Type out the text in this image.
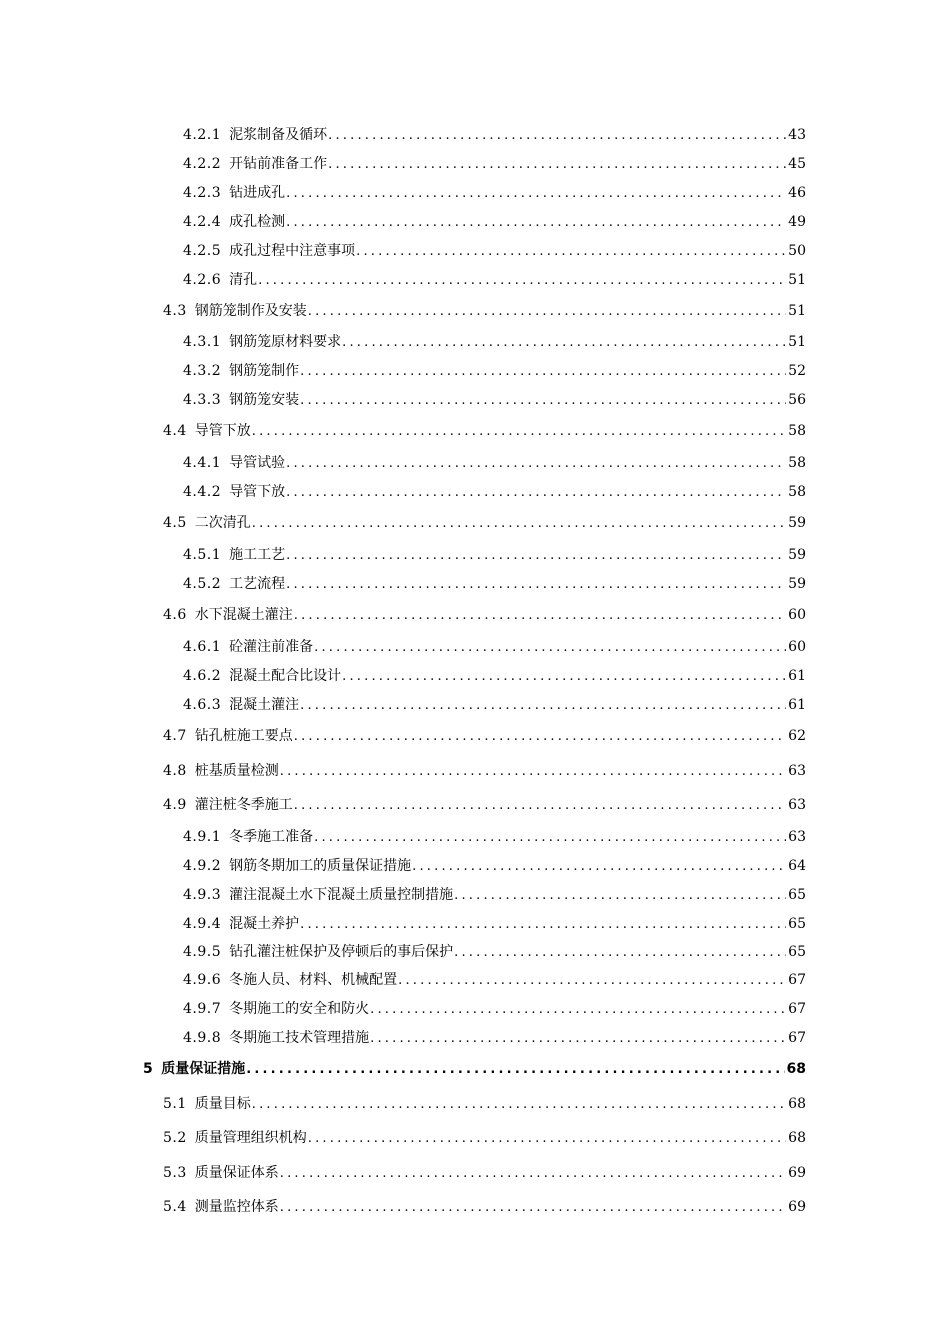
4.2.1 泥浆制备及循环 .....	43
4.2.2 开钻前准备工作 .....	45
4.2.3 钻进成孔 .....	46
4.2.4 成孔检测 .....	49
4.2.5 成孔过程中注意事项 .....	50
4.2.6 清孔 .....	51
4.3 钢筋笼制作及安装 .....	51
4.3.1 钢筋笼原材料要求 .....	51
4.3.2 钢筋笼制作 .....	52
4.3.3 钢筋笼安装 .....	56
4.4 导管下放 .....	58
4.4.1 导管试验 .....	58
4.4.2 导管下放 .....	58
4.5 二次清孔 .....	59
4.5.1 施工工艺 .....	59
4.5.2 工艺流程 .....	59
4.6 水下混凝土灌注 .....	60
4.6.1 砼灌注前准备 .....	60
4.6.2 混凝土配合比设计 .....	61
4.6.3 混凝土灌注 .....	61
4.7 钻孔桩施工要点 .....	62
4.8 桩基质量检测 .....	63
4.9 灌注桩冬季施工 .....	63
4.9.1 冬季施工准备 .....	63
4.9.2 钢筋冬期加工的质量保证措施 .....	64
4.9.3 灌注混凝土水下混凝土质量控制措施 .....	65
4.9.4 混凝土养护 .....	65
4.9.5 钻孔灌注桩保护及停顿后的事后保护 .....	65
4.9.6 冬施人员、材料、机械配置 .....	67
4.9.7 冬期施工的安全和防火 .....	67
4.9.8 冬期施工技术管理措施 .....	67
5 质量保证措施 .....	68
5.1 质量目标 .....	68
5.2 质量管理组织机构 .....	68
5.3 质量保证体系 .....	69
5.4 测量监控体系 .....	69
